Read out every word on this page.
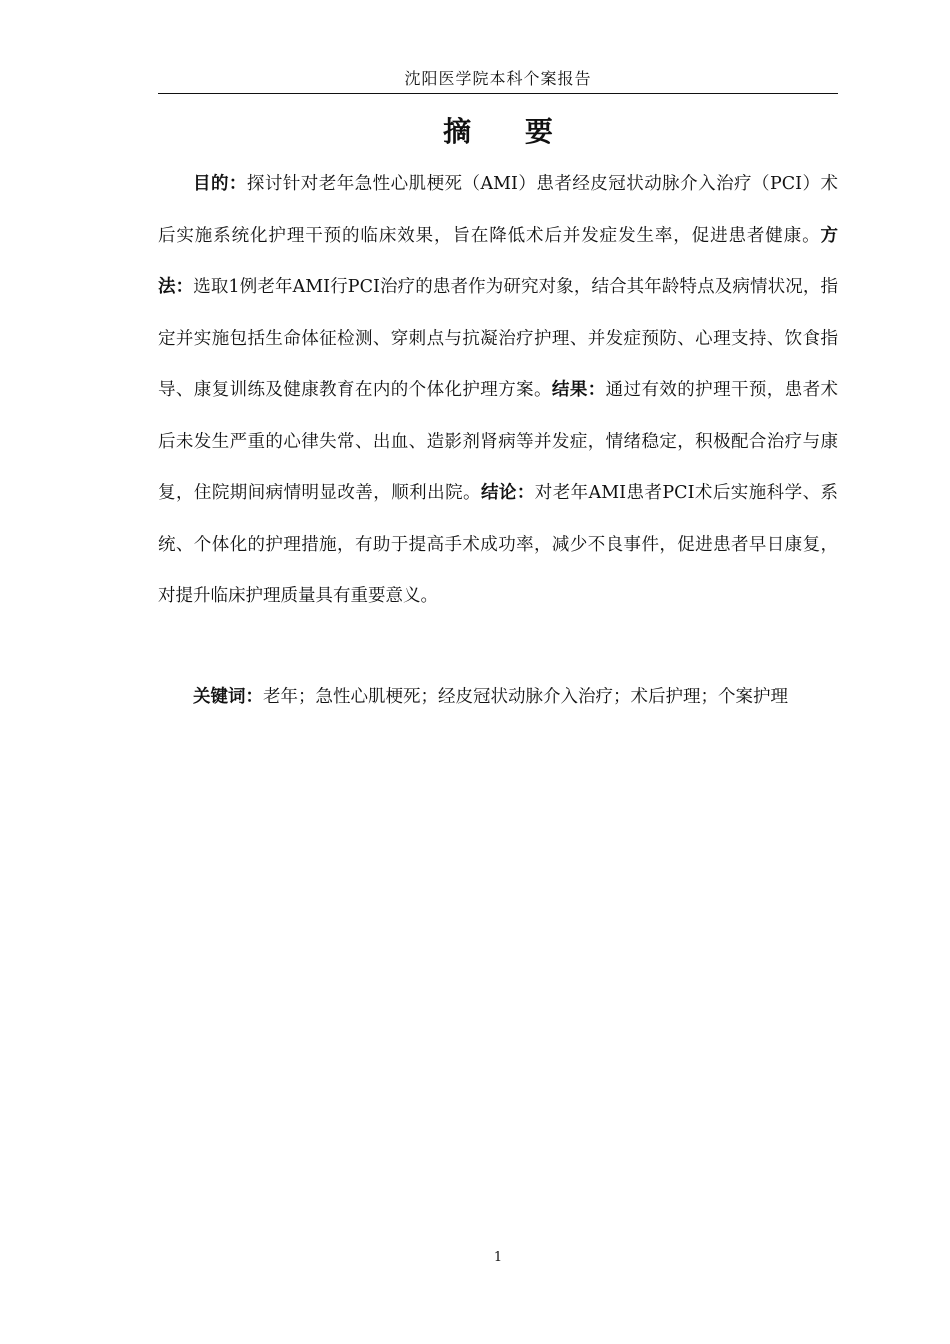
沈阳医学院本科个案报告
摘 要

目的：探讨针对老年急性心肌梗死（AMI）患者经皮冠状动脉介入治疗（PCI）术后实施系统化护理干预的临床效果，旨在降低术后并发症发生率，促进患者健康。方法：选取1例老年AMI行PCI治疗的患者作为研究对象，结合其年龄特点及病情状况，指定并实施包括生命体征检测、穿刺点与抗凝治疗护理、并发症预防、心理支持、饮食指导、康复训练及健康教育在内的个体化护理方案。结果：通过有效的护理干预，患者术后未发生严重的心律失常、出血、造影剂肾病等并发症，情绪稳定，积极配合治疗与康复，住院期间病情明显改善，顺利出院。结论：对老年AMI患者PCI术后实施科学、系统、个体化的护理措施，有助于提高手术成功率，减少不良事件，促进患者早日康复，对提升临床护理质量具有重要意义。

关键词：老年；急性心肌梗死；经皮冠状动脉介入治疗；术后护理；个案护理

1
